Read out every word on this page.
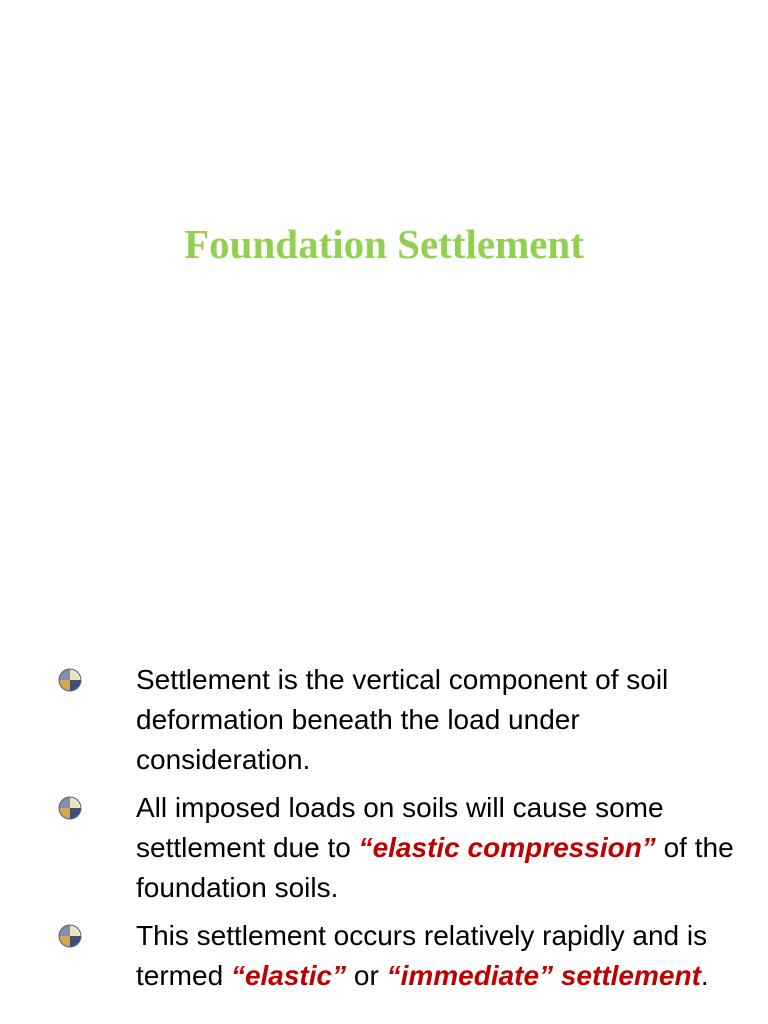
Foundation Settlement
Settlement is the vertical component of soil deformation beneath the load under consideration.
All imposed loads on soils will cause some settlement due to “elastic compression” of the foundation soils.
This settlement occurs relatively rapidly and is termed “elastic” or “immediate” settlement.
